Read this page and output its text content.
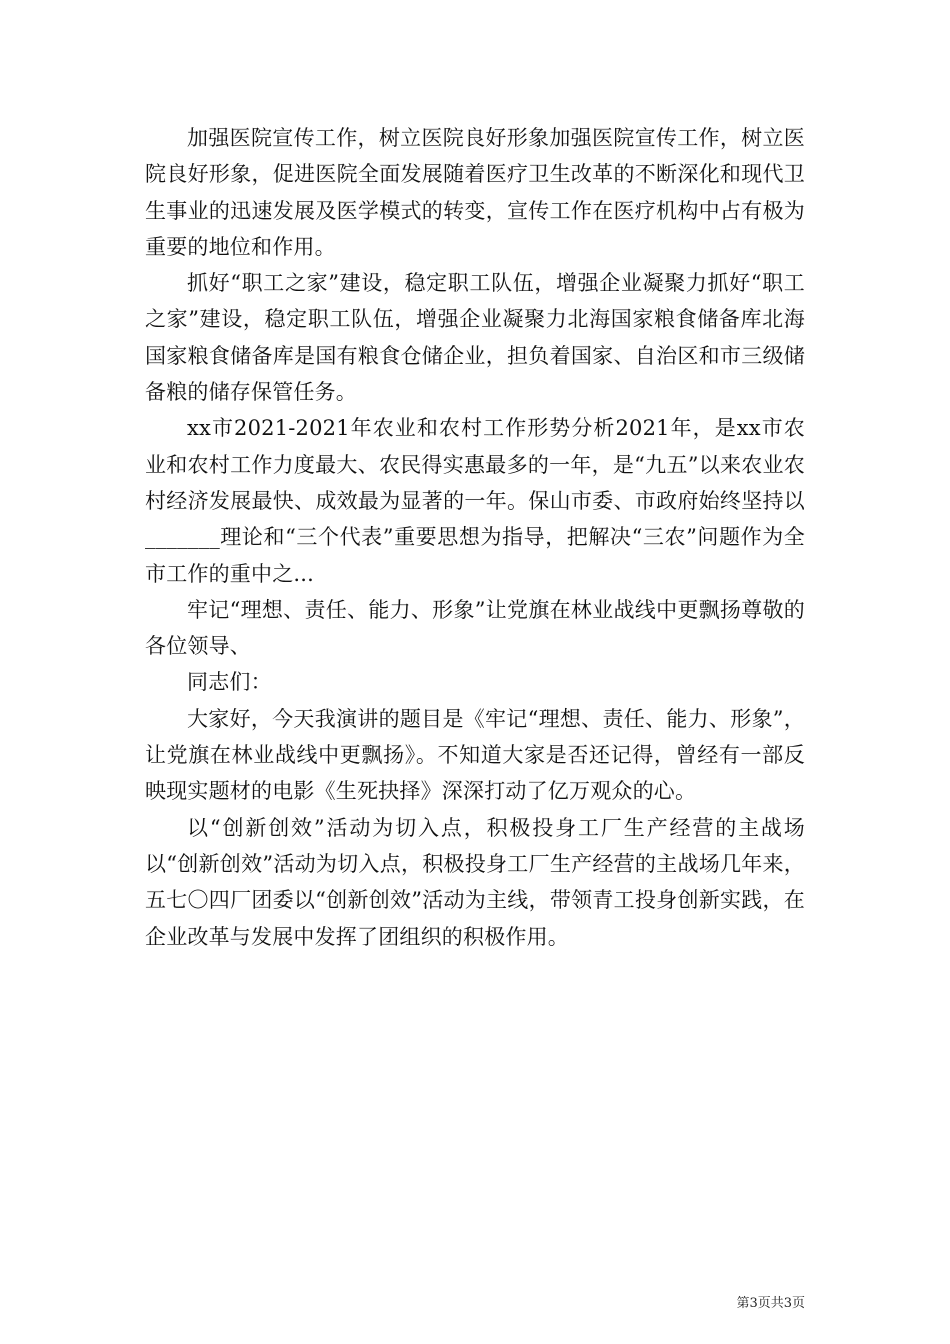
加强医院宣传工作，树立医院良好形象加强医院宣传工作，树立医院良好形象，促进医院全面发展随着医疗卫生改革的不断深化和现代卫生事业的迅速发展及医学模式的转变，宣传工作在医疗机构中占有极为重要的地位和作用。

抓好“职工之家”建设，稳定职工队伍，增强企业凝聚力抓好“职工之家”建设，稳定职工队伍，增强企业凝聚力北海国家粮食储备库北海国家粮食储备库是国有粮食仓储企业，担负着国家、自治区和市三级储备粮的储存保管任务。

xx市2021-2021年农业和农村工作形势分析2021年，是xx市农业和农村工作力度最大、农民得实惠最多的一年，是“九五”以来农业农村经济发展最快、成效最为显著的一年。保山市委、市政府始终坚持以_______理论和“三个代表”重要思想为指导，把解决“三农”问题作为全市工作的重中之...

牢记“理想、责任、能力、形象”让党旗在林业战线中更飘扬尊敬的各位领导、

同志们：

大家好，今天我演讲的题目是《牢记“理想、责任、能力、形象”，让党旗在林业战线中更飘扬》。不知道大家是否还记得，曾经有一部反映现实题材的电影《生死抉择》深深打动了亿万观众的心。

以“创新创效”活动为切入点，积极投身工厂生产经营的主战场以“创新创效”活动为切入点，积极投身工厂生产经营的主战场几年来，五七〇四厂团委以“创新创效”活动为主线，带领青工投身创新实践，在企业改革与发展中发挥了团组织的积极作用。

第3页共3页
